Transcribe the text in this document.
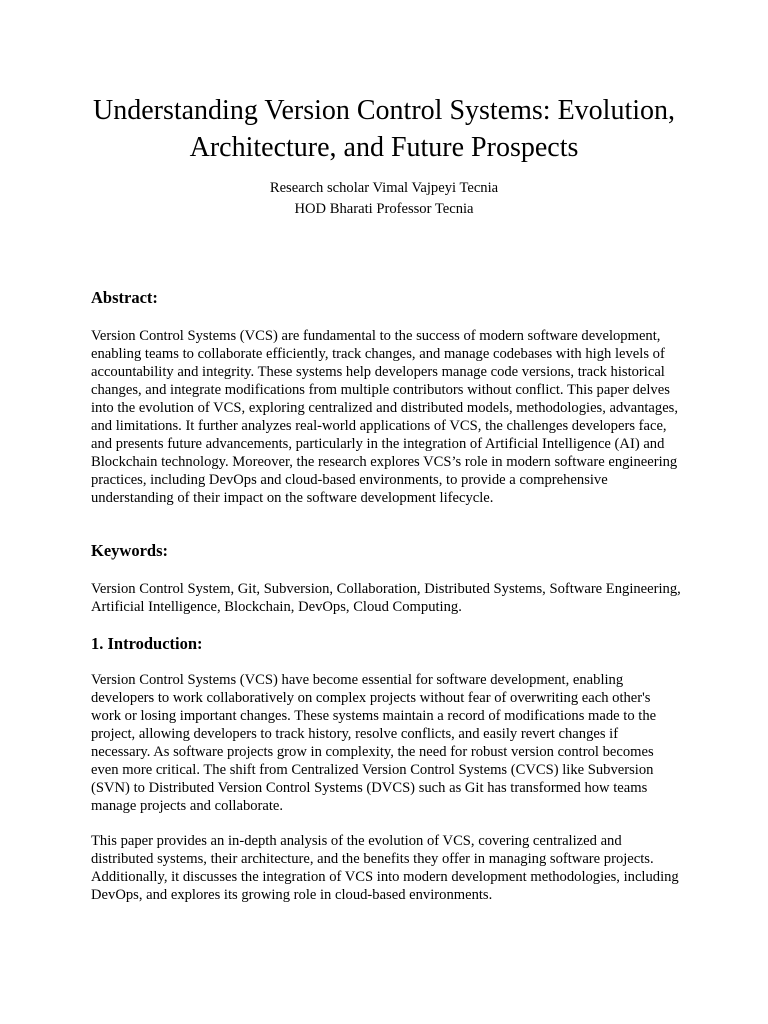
Understanding Version Control Systems: Evolution, Architecture, and Future Prospects
Research scholar Vimal Vajpeyi Tecnia
HOD Bharati Professor Tecnia
Abstract:

Version Control Systems (VCS) are fundamental to the success of modern software development, enabling teams to collaborate efficiently, track changes, and manage codebases with high levels of accountability and integrity. These systems help developers manage code versions, track historical changes, and integrate modifications from multiple contributors without conflict. This paper delves into the evolution of VCS, exploring centralized and distributed models, methodologies, advantages, and limitations. It further analyzes real-world applications of VCS, the challenges developers face, and presents future advancements, particularly in the integration of Artificial Intelligence (AI) and Blockchain technology. Moreover, the research explores VCS’s role in modern software engineering practices, including DevOps and cloud-based environments, to provide a comprehensive understanding of their impact on the software development lifecycle.

Keywords:

Version Control System, Git, Subversion, Collaboration, Distributed Systems, Software Engineering, Artificial Intelligence, Blockchain, DevOps, Cloud Computing.

1. Introduction:

Version Control Systems (VCS) have become essential for software development, enabling developers to work collaboratively on complex projects without fear of overwriting each other's work or losing important changes. These systems maintain a record of modifications made to the project, allowing developers to track history, resolve conflicts, and easily revert changes if necessary. As software projects grow in complexity, the need for robust version control becomes even more critical. The shift from Centralized Version Control Systems (CVCS) like Subversion (SVN) to Distributed Version Control Systems (DVCS) such as Git has transformed how teams manage projects and collaborate.

This paper provides an in-depth analysis of the evolution of VCS, covering centralized and distributed systems, their architecture, and the benefits they offer in managing software projects. Additionally, it discusses the integration of VCS into modern development methodologies, including DevOps, and explores its growing role in cloud-based environments.
